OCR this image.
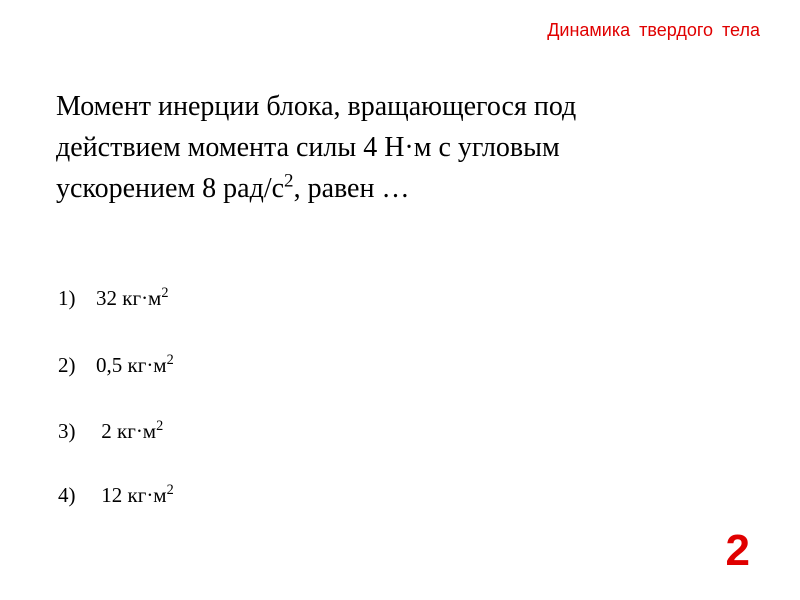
Динамика твердого тела
Момент инерции блока, вращающегося под
действием момента силы 4 Н·м с угловым
ускорением 8 рад/$с^2$, равен …
1) 32 $кг\cdot м^2$
2) 0,5 $кг\cdot м^2$
3) 2 $кг\cdot м^2$
4) 12 $кг\cdot м^2$
2
